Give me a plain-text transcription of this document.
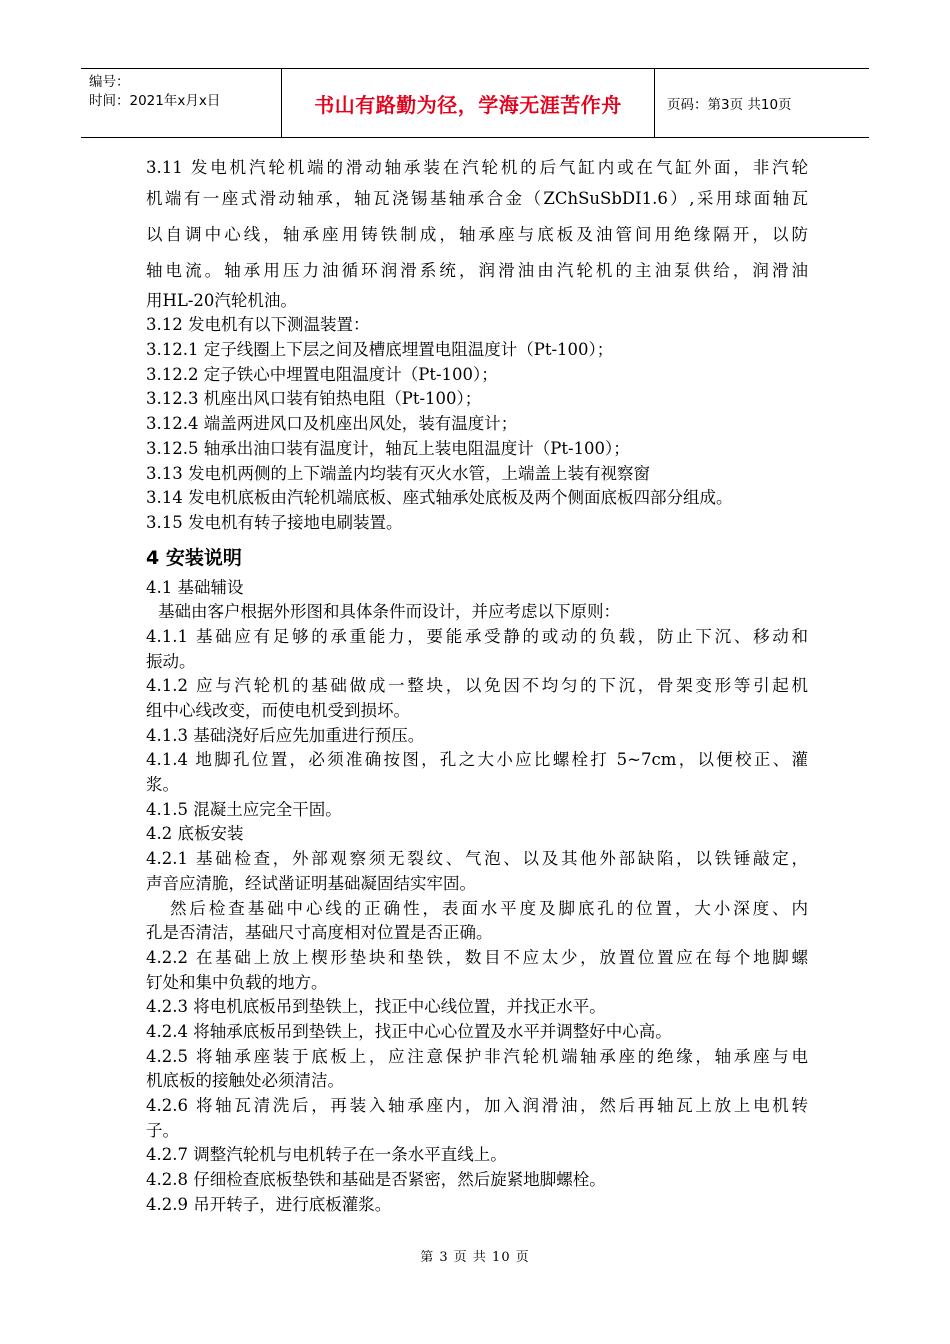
编号：
时间：2021年x月x日	书山有路勤为径，学海无涯苦作舟	页码：第3页 共10页
3.11 发电机汽轮机端的滑动轴承装在汽轮机的后气缸内或在气缸外面，非汽轮
机端有一座式滑动轴承，轴瓦浇锡基轴承合金（ZChSuSbDI1.6）,采用球面轴瓦
以自调中心线，轴承座用铸铁制成，轴承座与底板及油管间用绝缘隔开，以防
轴电流。轴承用压力油循环润滑系统，润滑油由汽轮机的主油泵供给，润滑油
用HL-20汽轮机油。
3.12 发电机有以下测温装置：
3.12.1 定子线圈上下层之间及槽底埋置电阻温度计（Pt-100）；
3.12.2 定子铁心中埋置电阻温度计（Pt-100）；
3.12.3 机座出风口装有铂热电阻（Pt-100）；
3.12.4 端盖两进风口及机座出风处，装有温度计；
3.12.5 轴承出油口装有温度计，轴瓦上装电阻温度计（Pt-100）；
3.13 发电机两侧的上下端盖内均装有灭火水管，上端盖上装有视察窗
3.14 发电机底板由汽轮机端底板、座式轴承处底板及两个侧面底板四部分组成。
3.15 发电机有转子接地电刷装置。
4 安装说明
4.1 基础辅设
基础由客户根据外形图和具体条件而设计，并应考虑以下原则：
4.1.1 基础应有足够的承重能力，要能承受静的或动的负载，防止下沉、移动和
振动。
4.1.2 应与汽轮机的基础做成一整块，以免因不均匀的下沉，骨架变形等引起机
组中心线改变，而使电机受到损坏。
4.1.3 基础浇好后应先加重进行预压。
4.1.4 地脚孔位置，必须准确按图，孔之大小应比螺栓打 5~7cm，以便校正、灌
浆。
4.1.5 混凝土应完全干固。
4.2 底板安装
4.2.1 基础检查，外部观察须无裂纹、气泡、以及其他外部缺陷，以铁锤敲定，
声音应清脆，经试凿证明基础凝固结实牢固。
然后检查基础中心线的正确性，表面水平度及脚底孔的位置，大小深度、内
孔是否清洁，基础尺寸高度相对位置是否正确。
4.2.2 在基础上放上楔形垫块和垫铁，数目不应太少，放置位置应在每个地脚螺
钉处和集中负载的地方。
4.2.3 将电机底板吊到垫铁上，找正中心线位置，并找正水平。
4.2.4 将轴承底板吊到垫铁上，找正中心心位置及水平并调整好中心高。
4.2.5 将轴承座装于底板上，应注意保护非汽轮机端轴承座的绝缘，轴承座与电
机底板的接触处必须清洁。
4.2.6 将轴瓦清洗后，再装入轴承座内，加入润滑油，然后再轴瓦上放上电机转
子。
4.2.7 调整汽轮机与电机转子在一条水平直线上。
4.2.8 仔细检查底板垫铁和基础是否紧密，然后旋紧地脚螺栓。
4.2.9 吊开转子，进行底板灌浆。
第 3 页 共 10 页
